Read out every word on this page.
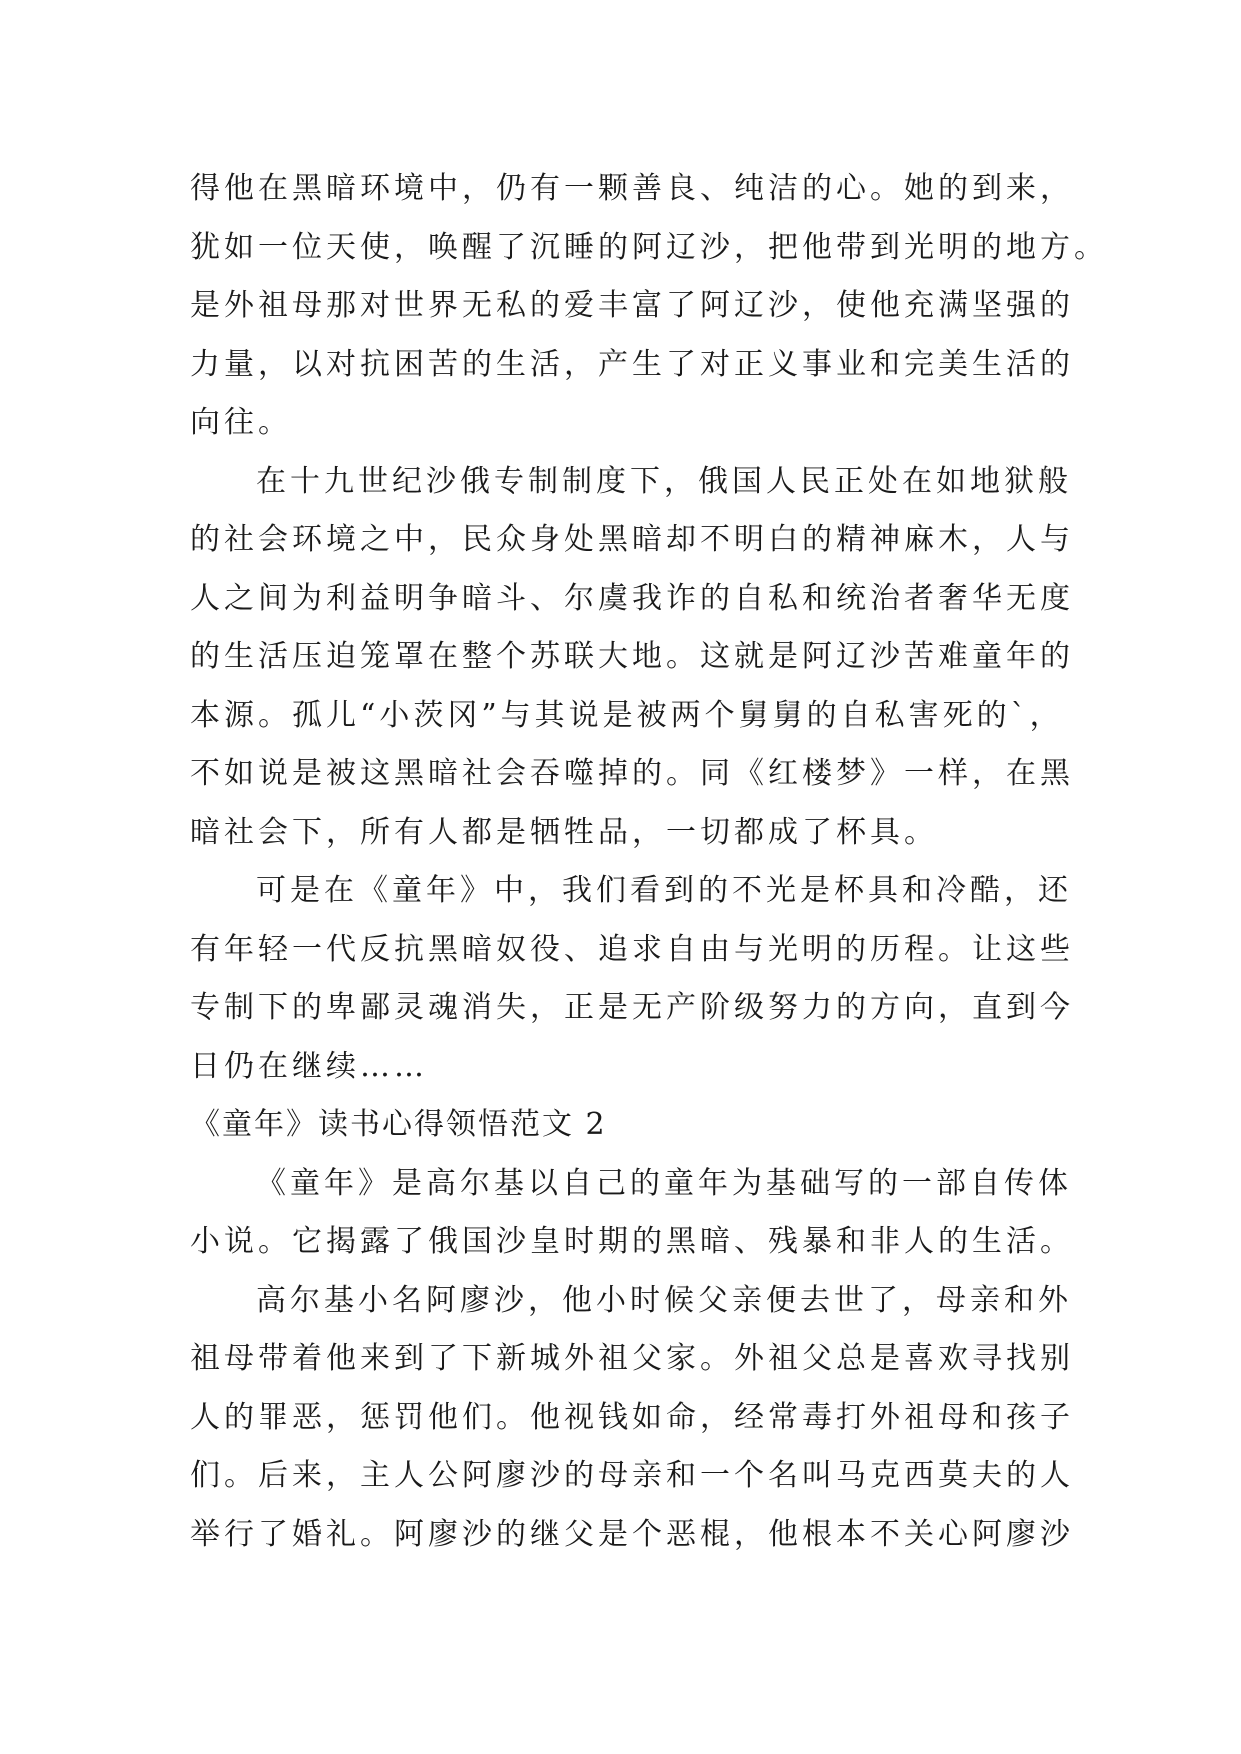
得他在黑暗环境中，仍有一颗善良、纯洁的心。她的到来，
犹如一位天使，唤醒了沉睡的阿辽沙，把他带到光明的地方。
是外祖母那对世界无私的爱丰富了阿辽沙，使他充满坚强的
力量，以对抗困苦的生活，产生了对正义事业和完美生活的
向往。
在十九世纪沙俄专制制度下，俄国人民正处在如地狱般
的社会环境之中，民众身处黑暗却不明白的精神麻木，人与
人之间为利益明争暗斗、尔虞我诈的自私和统治者奢华无度
的生活压迫笼罩在整个苏联大地。这就是阿辽沙苦难童年的
本源。孤儿“小茨冈”与其说是被两个舅舅的自私害死的`，
不如说是被这黑暗社会吞噬掉的。同《红楼梦》一样，在黑
暗社会下，所有人都是牺牲品，一切都成了杯具。
可是在《童年》中，我们看到的不光是杯具和冷酷，还
有年轻一代反抗黑暗奴役、追求自由与光明的历程。让这些
专制下的卑鄙灵魂消失，正是无产阶级努力的方向，直到今
日仍在继续……
《童年》读书心得领悟范文 2
《童年》是高尔基以自己的童年为基础写的一部自传体
小说。它揭露了俄国沙皇时期的黑暗、残暴和非人的生活。
高尔基小名阿廖沙，他小时候父亲便去世了，母亲和外
祖母带着他来到了下新城外祖父家。外祖父总是喜欢寻找别
人的罪恶，惩罚他们。他视钱如命，经常毒打外祖母和孩子
们。后来，主人公阿廖沙的母亲和一个名叫马克西莫夫的人
举行了婚礼。阿廖沙的继父是个恶棍，他根本不关心阿廖沙
